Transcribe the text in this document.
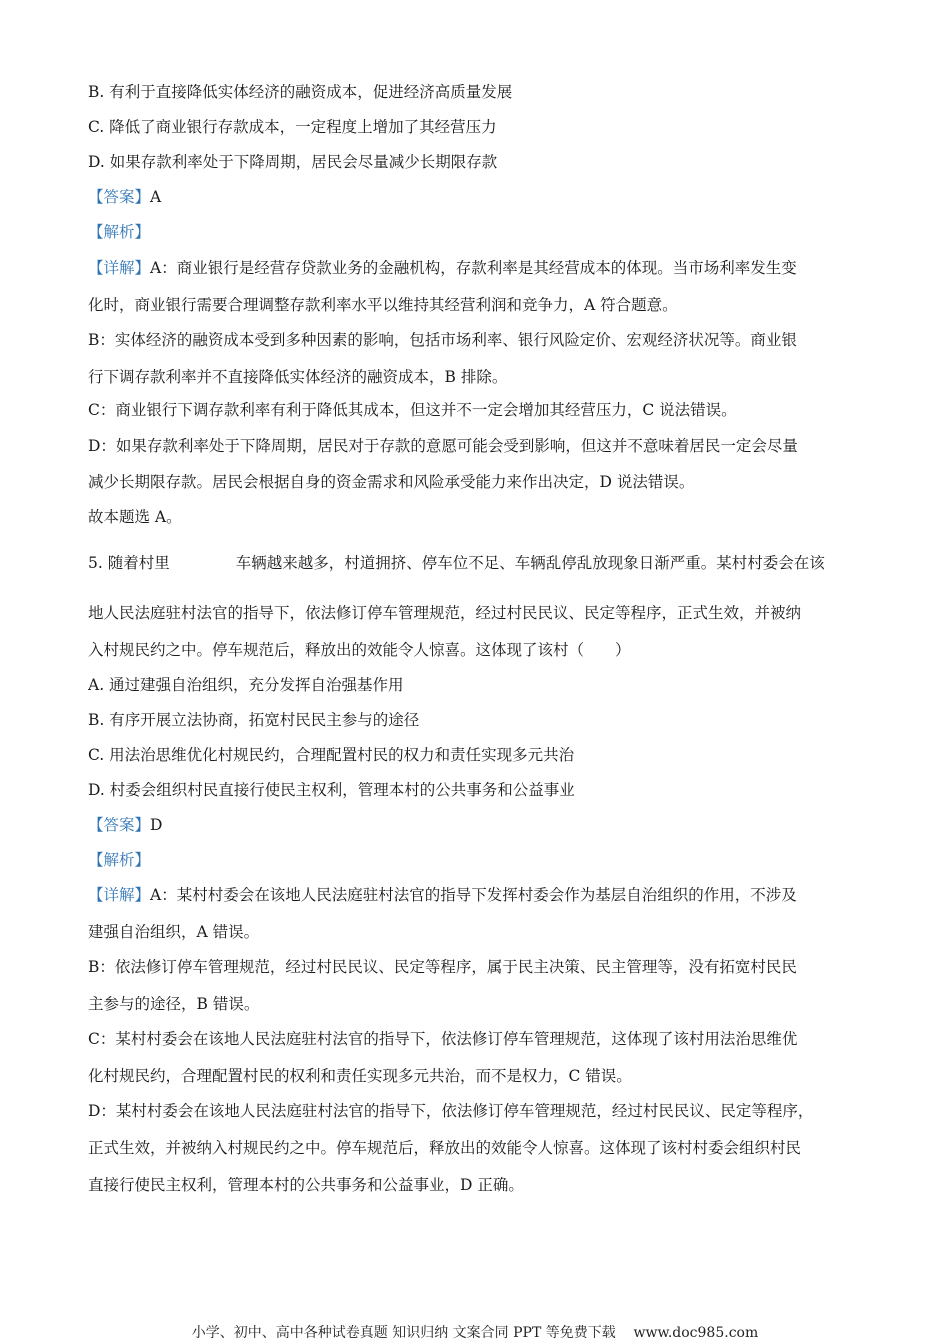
B. 有利于直接降低实体经济的融资成本，促进经济高质量发展
C. 降低了商业银行存款成本，一定程度上增加了其经营压力
D. 如果存款利率处于下降周期，居民会尽量减少长期限存款
【答案】A
【解析】
【详解】A：商业银行是经营存贷款业务的金融机构，存款利率是其经营成本的体现。当市场利率发生变
化时，商业银行需要合理调整存款利率水平以维持其经营利润和竞争力，A 符合题意。
B：实体经济的融资成本受到多种因素的影响，包括市场利率、银行风险定价、宏观经济状况等。商业银
行下调存款利率并不直接降低实体经济的融资成本，B 排除。
C：商业银行下调存款利率有利于降低其成本，但这并不一定会增加其经营压力，C 说法错误。
D：如果存款利率处于下降周期，居民对于存款的意愿可能会受到影响，但这并不意味着居民一定会尽量
减少长期限存款。居民会根据自身的资金需求和风险承受能力来作出决定，D 说法错误。
故本题选 A。
5. 随着村里	车辆越来越多，村道拥挤、停车位不足、车辆乱停乱放现象日渐严重。某村村委会在该
地人民法庭驻村法官的指导下，依法修订停车管理规范，经过村民民议、民定等程序，正式生效，并被纳
入村规民约之中。停车规范后，释放出的效能令人惊喜。这体现了该村（　　）
A. 通过建强自治组织，充分发挥自治强基作用
B. 有序开展立法协商，拓宽村民民主参与的途径
C. 用法治思维优化村规民约，合理配置村民的权力和责任实现多元共治
D. 村委会组织村民直接行使民主权利，管理本村的公共事务和公益事业
【答案】D
【解析】
【详解】A：某村村委会在该地人民法庭驻村法官的指导下发挥村委会作为基层自治组织的作用，不涉及
建强自治组织，A 错误。
B：依法修订停车管理规范，经过村民民议、民定等程序，属于民主决策、民主管理等，没有拓宽村民民
主参与的途径，B 错误。
C：某村村委会在该地人民法庭驻村法官的指导下，依法修订停车管理规范，这体现了该村用法治思维优
化村规民约，合理配置村民的权利和责任实现多元共治，而不是权力，C 错误。
D：某村村委会在该地人民法庭驻村法官的指导下，依法修订停车管理规范，经过村民民议、民定等程序，
正式生效，并被纳入村规民约之中。停车规范后，释放出的效能令人惊喜。这体现了该村村委会组织村民
直接行使民主权利，管理本村的公共事务和公益事业，D 正确。
小学、初中、高中各种试卷真题 知识归纳 文案合同 PPT 等免费下载 www.doc985.com
